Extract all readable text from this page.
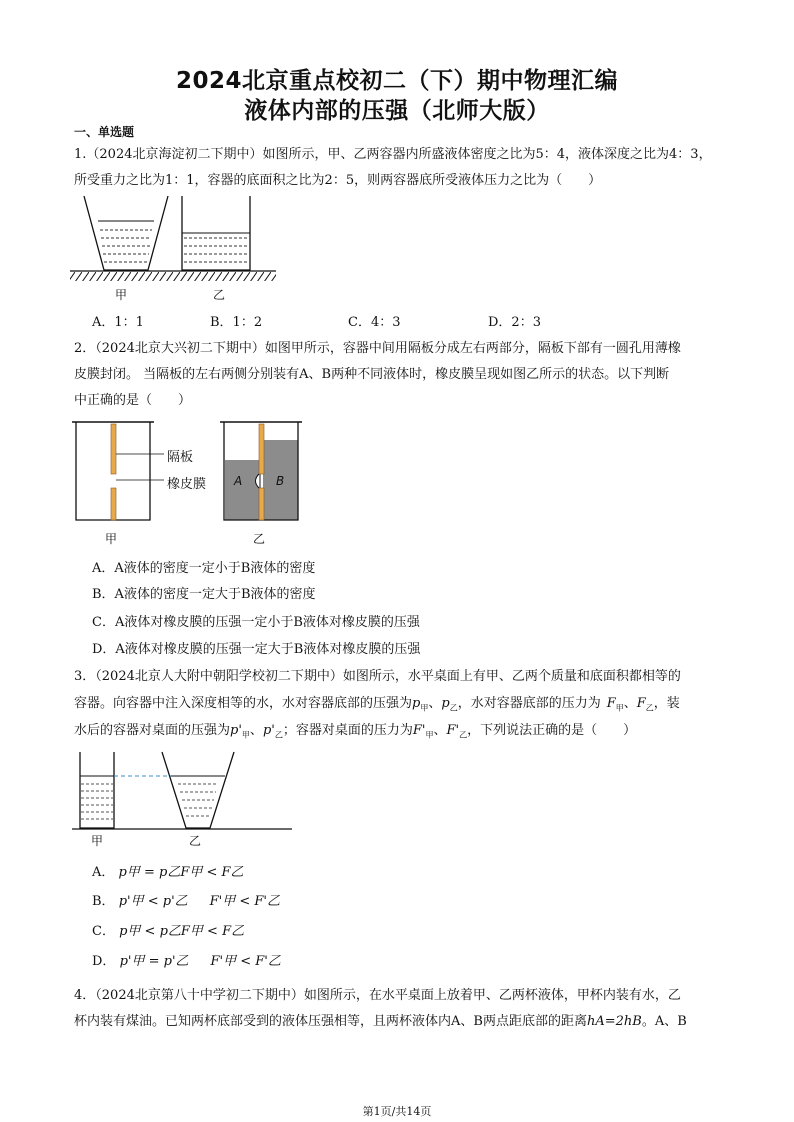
2024北京重点校初二（下）期中物理汇编
液体内部的压强（北师大版）
一、单选题
1.（2024北京海淀初二下期中）如图所示，甲、乙两容器内所盛液体密度之比为5：4，液体深度之比为4：3，
所受重力之比为1：1，容器的底面积之比为2：5，则两容器底所受液体压力之比为（　　）
甲	乙
A．1：1	B．1：2	C．4：3	D．2：3
2．（2024北京大兴初二下期中）如图甲所示，容器中间用隔板分成左右两部分，隔板下部有一圆孔用薄橡
皮膜封闭。 当隔板的左右两侧分别装有A、B两种不同液体时，橡皮膜呈现如图乙所示的状态。以下判断
中正确的是（　　）
隔板
橡皮膜 A	B
甲	乙
A．A液体的密度一定小于B液体的密度
B．A液体的密度一定大于B液体的密度
C．A液体对橡皮膜的压强一定小于B液体对橡皮膜的压强
D．A液体对橡皮膜的压强一定大于B液体对橡皮膜的压强
3．（2024北京人大附中朝阳学校初二下期中）如图所示，水平桌面上有甲、乙两个质量和底面积都相等的
容器。向容器中注入深度相等的水，水对容器底部的压强为$p_甲$、$p_乙$，水对容器底部的压力为 $F_甲$、$F_乙$，装
水后的容器对桌面的压强为$p'_甲$、$p'_乙$；容器对桌面的压力为$F'_甲$、$F'_乙$，下列说法正确的是（　　）
甲	乙
A． p甲 = p乙F甲 < F乙
B． p'甲 < p'乙 F'甲 < F'乙
C． p甲 < p乙F甲 < F乙
D． p'甲 = p'乙 F'甲 < F'乙
4．（2024北京第八十中学初二下期中）如图所示，在水平桌面上放着甲、乙两杯液体，甲杯内装有水，乙
杯内装有煤油。已知两杯底部受到的液体压强相等，且两杯液体内A、B两点距底部的距离hA=2hB。A、B
第1页/共14页
